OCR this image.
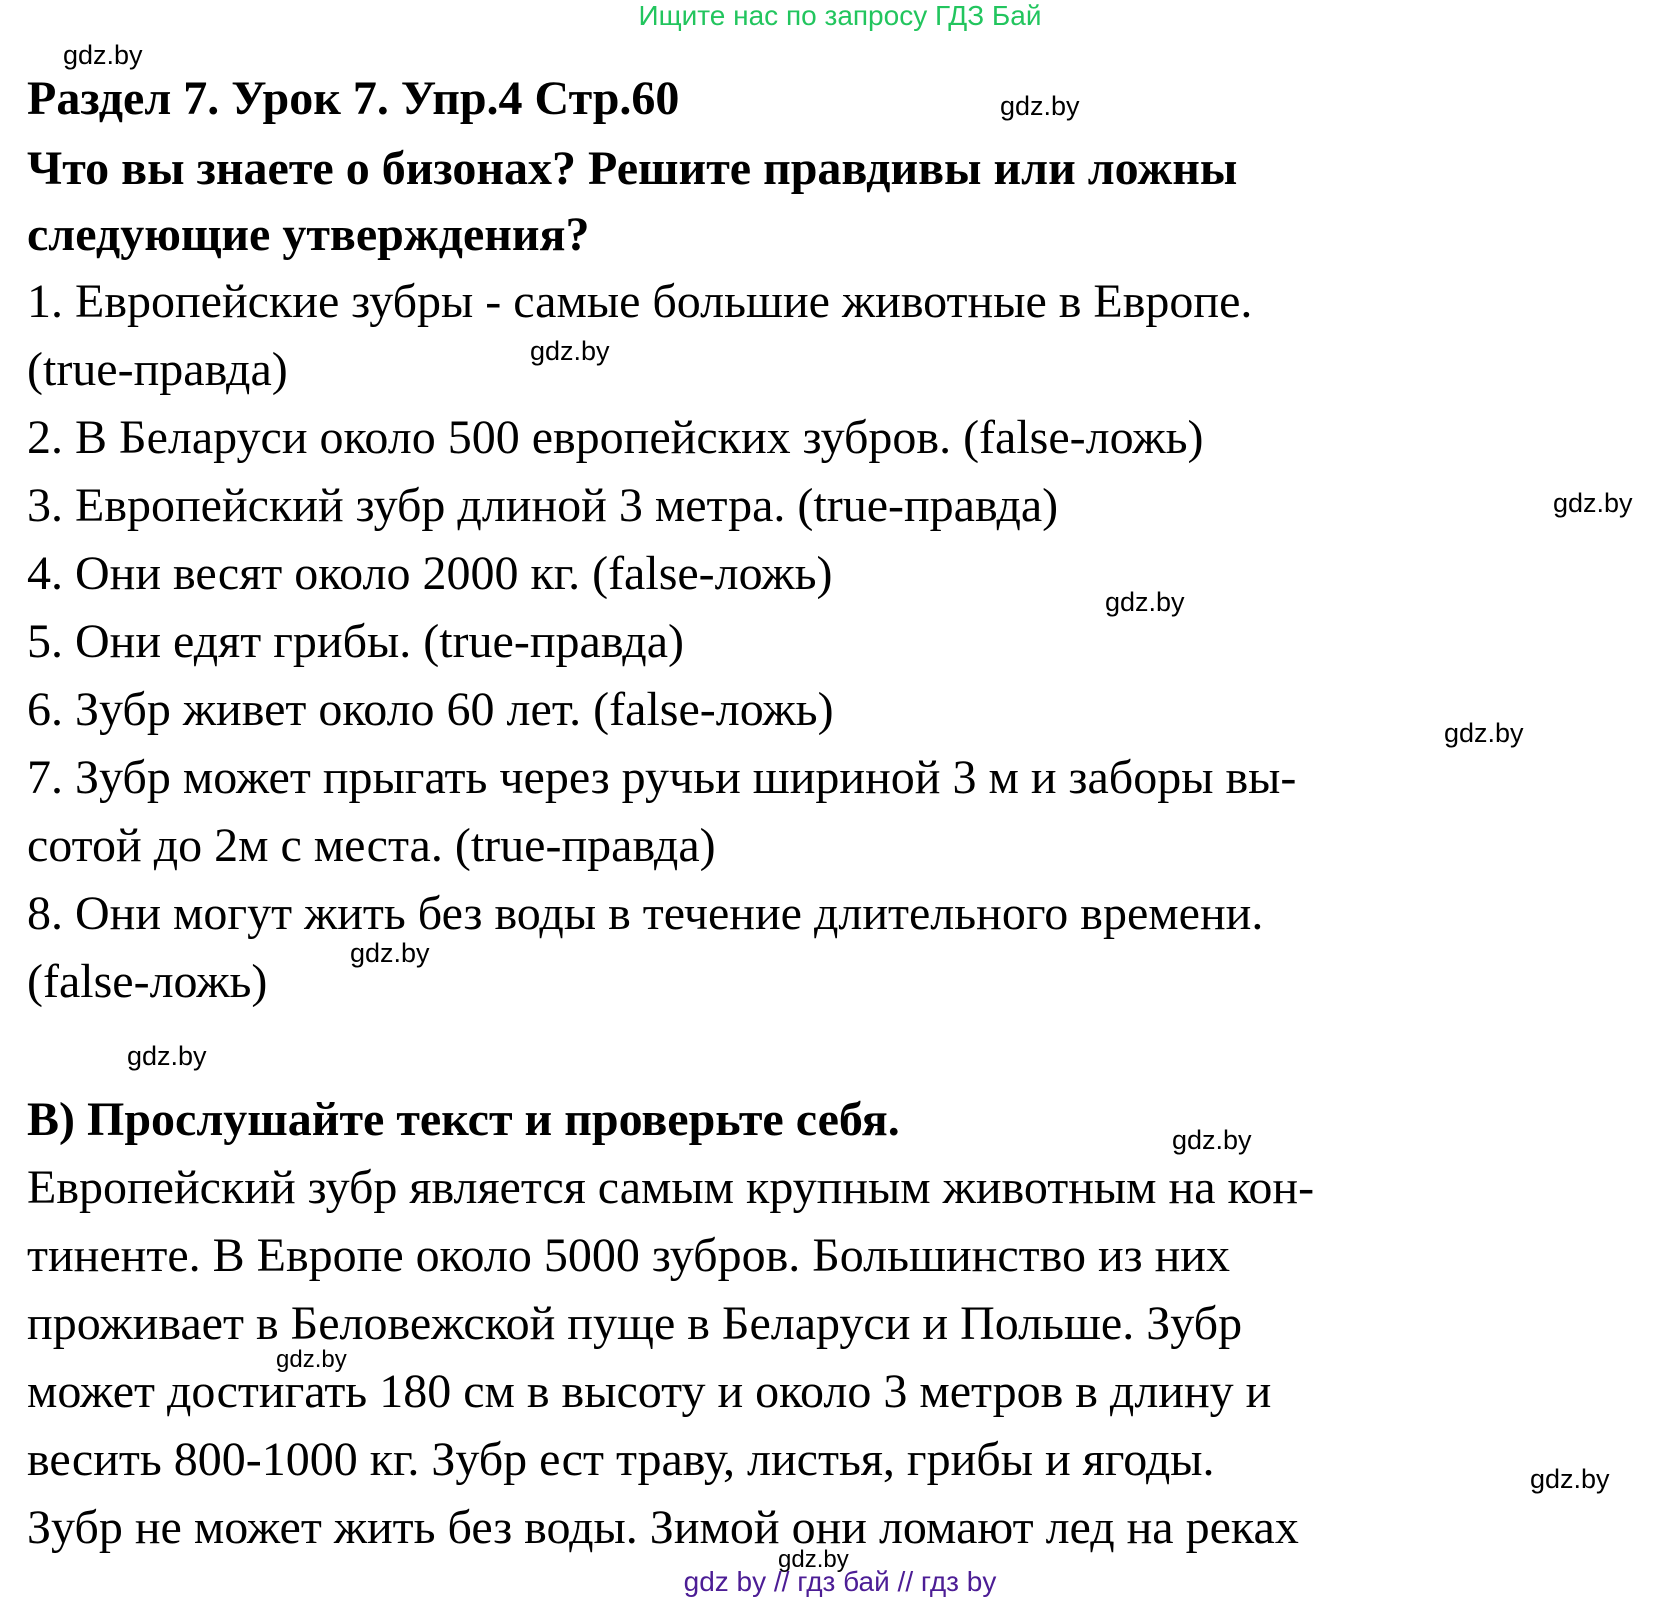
Ищите нас по запросу ГДЗ Бай
gdz.by
gdz.by
gdz.by
gdz.by
gdz.by
gdz.by
gdz.by
gdz.by
gdz.by
gdz.by
gdz.by
gdz.by
Раздел 7. Урок 7. Упр.4 Стр.60
Что вы знаете о бизонах? Решите правдивы или ложны
следующие утверждения?
1. Европейские зубры - самые большие животные в Европе.
(true-правда)
2. В Беларуси около 500 европейских зубров. (false-ложь)
3. Европейский зубр длиной 3 метра. (true-правда)
4. Они весят около 2000 кг. (false-ложь)
5. Они едят грибы. (true-правда)
6. Зубр живет около 60 лет. (false-ложь)
7. Зубр может прыгать через ручьи шириной 3 м и заборы вы-
сотой до 2м с места. (true-правда)
8. Они могут жить без воды в течение длительного времени.
(false-ложь)
B) Прослушайте текст и проверьте себя.
Европейский зубр является самым крупным животным на кон-
тиненте. В Европе около 5000 зубров. Большинство из них
проживает в Беловежской пуще в Беларуси и Польше. Зубр
может достигать 180 см в высоту и около 3 метров в длину и
весить 800-1000 кг. Зубр ест траву, листья, грибы и ягоды.
Зубр не может жить без воды. Зимой они ломают лед на реках
gdz by // гдз бай // гдз by
